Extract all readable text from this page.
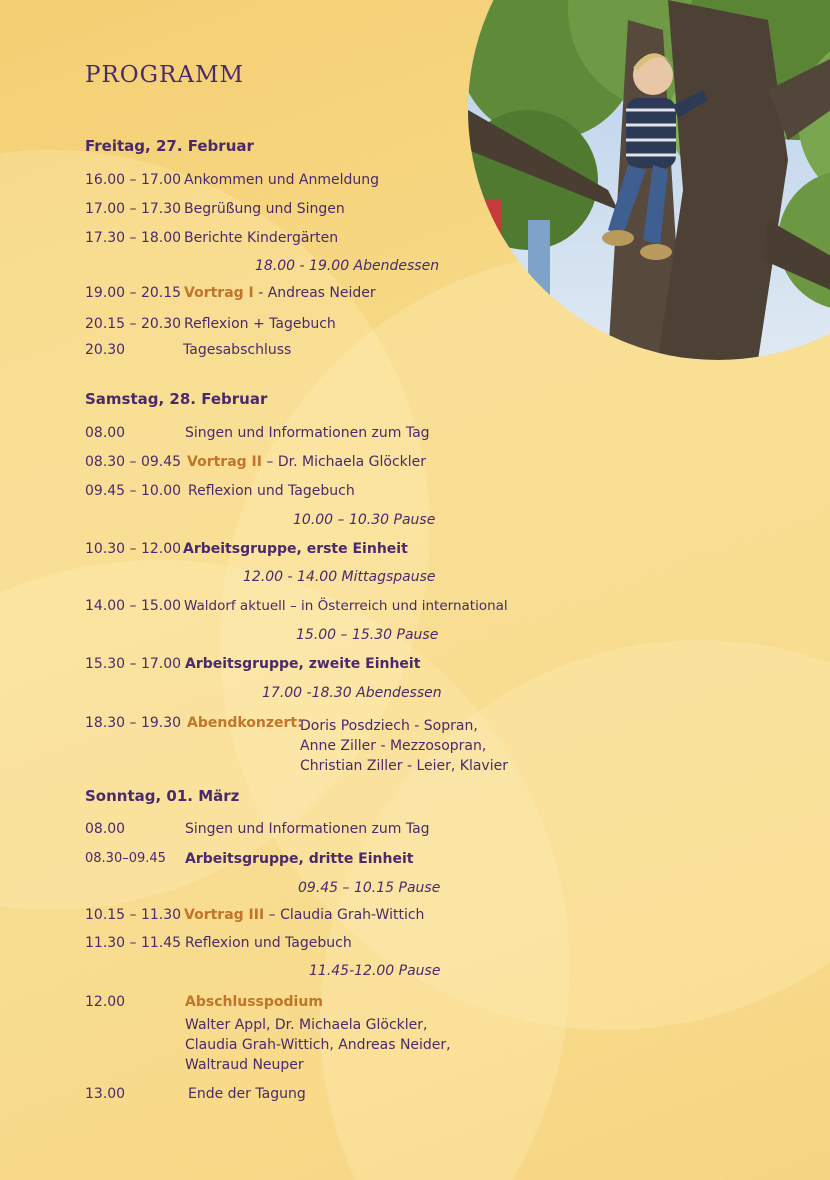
PROGRAMM
Freitag, 27. Februar
16.00 – 17.00 Ankommen und Anmeldung
17.00 – 17.30 Begrüßung und Singen
17.30 – 18.00 Berichte Kindergärten
18.00 - 19.00 Abendessen
19.00 – 20.15 Vortrag I - Andreas Neider
20.15 – 20.30 Reflexion + Tagebuch
20.30	Tagesabschluss
Samstag, 28. Februar
08.00	Singen und Informationen zum Tag
08.30 – 09.45 Vortrag II – Dr. Michaela Glöckler
09.45 – 10.00 Reflexion und Tagebuch
10.00 – 10.30 Pause
10.30 – 12.00 Arbeitsgruppe, erste Einheit
12.00 - 14.00 Mittagspause
14.00 – 15.00 Waldorf aktuell – in Österreich und international
15.00 – 15.30 Pause
15.30 – 17.00 Arbeitsgruppe, zweite Einheit
17.00 -18.30 Abendessen
18.30 – 19.30 Abendkonzert:
Doris Posdziech - Sopran,
Anne Ziller - Mezzosopran,
Christian Ziller - Leier, Klavier
Sonntag, 01. März
08.00	Singen und Informationen zum Tag
08.30–09.45 Arbeitsgruppe, dritte Einheit
09.45 – 10.15 Pause
10.15 – 11.30 Vortrag III – Claudia Grah-Wittich
11.30 – 11.45 Reflexion und Tagebuch
11.45-12.00 Pause
12.00	Abschlusspodium
Walter Appl, Dr. Michaela Glöckler,
Claudia Grah-Wittich, Andreas Neider,
Waltraud Neuper
13.00	Ende der Tagung
